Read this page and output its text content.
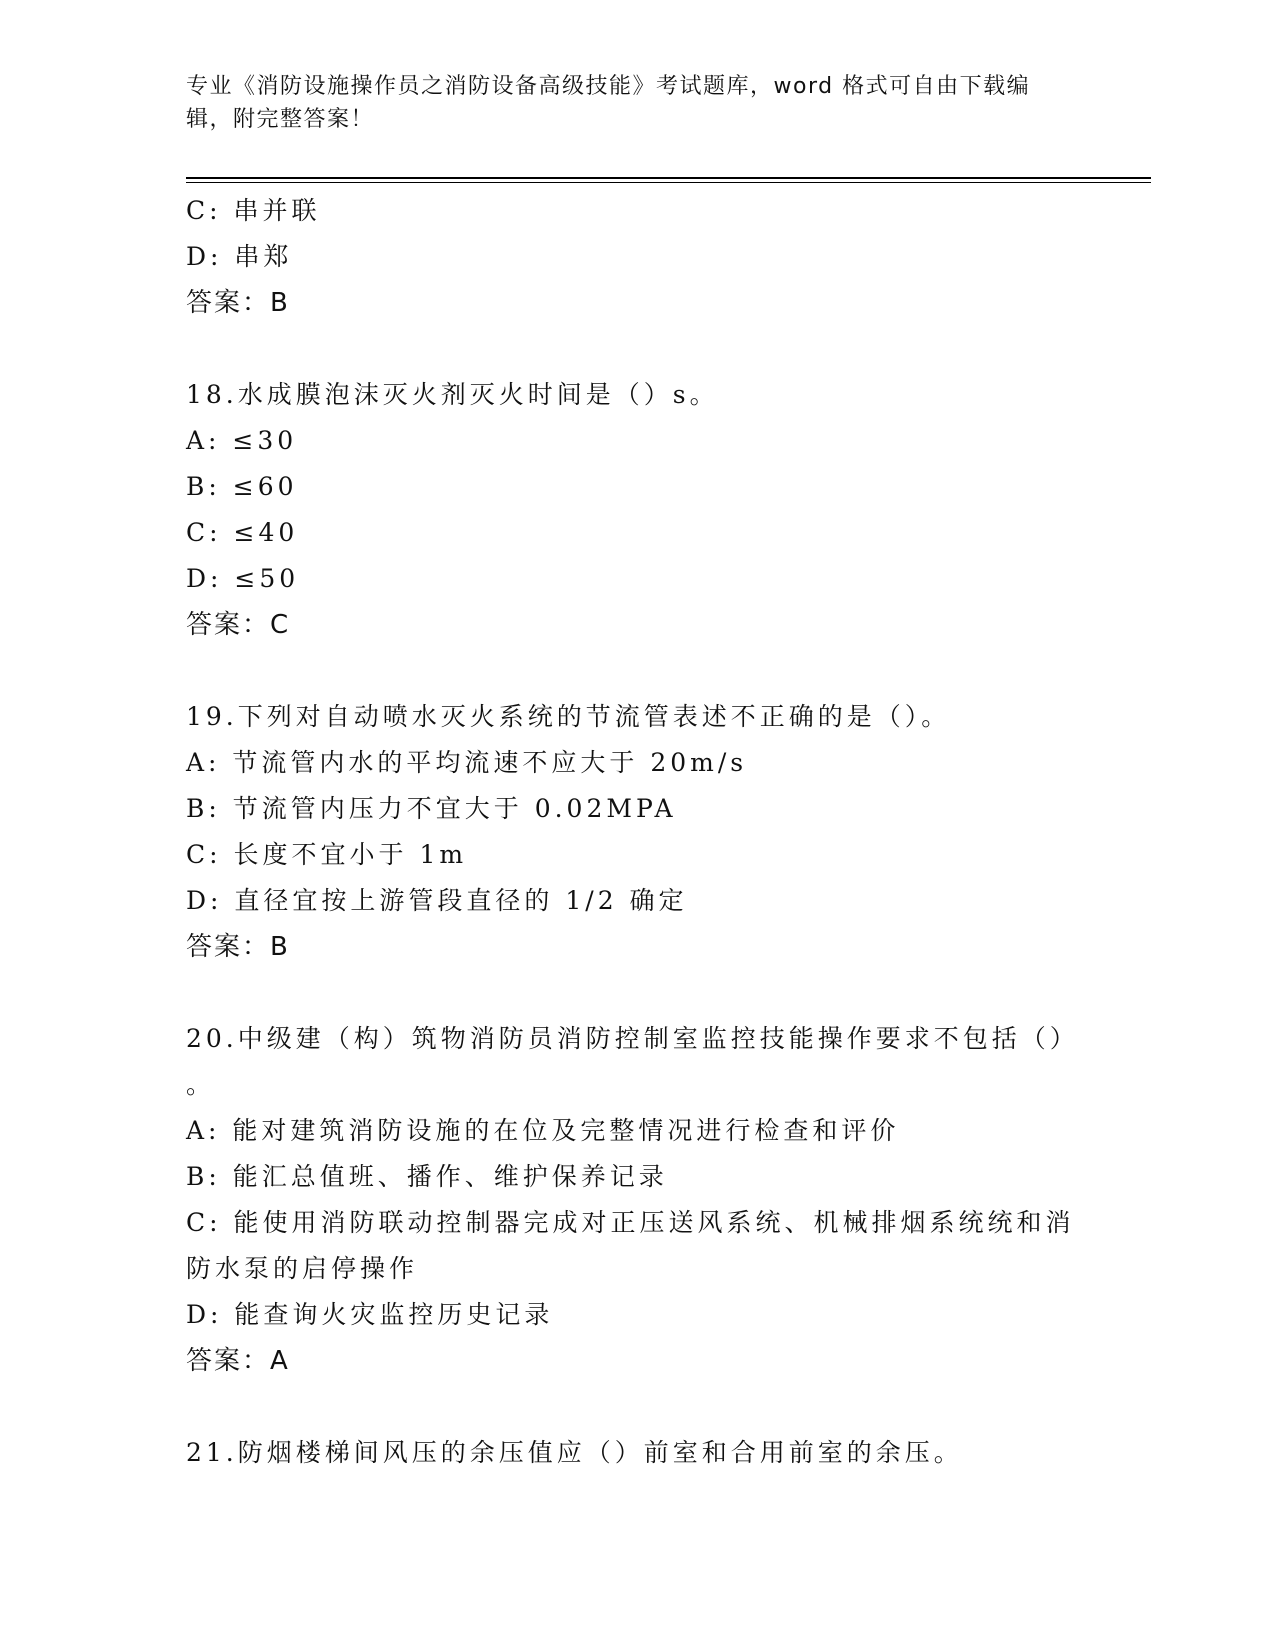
专业《消防设施操作员之消防设备高级技能》考试题库，word 格式可自由下载编
辑，附完整答案！
C: 串并联
D: 串郑
答案：B
18.水成膜泡沫灭火剂灭火时间是（）s。
A: ≤30
B: ≤60
C: ≤40
D: ≤50
答案：C
19.下列对自动喷水灭火系统的节流管表述不正确的是（）。
A: 节流管内水的平均流速不应大于 20m/s
B: 节流管内压力不宜大于 0.02MPA
C: 长度不宜小于 1m
D: 直径宜按上游管段直径的 1/2 确定
答案：B
20.中级建（构）筑物消防员消防控制室监控技能操作要求不包括（）
。
A: 能对建筑消防设施的在位及完整情况进行检查和评价
B: 能汇总值班、播作、维护保养记录
C: 能使用消防联动控制器完成对正压送风系统、机械排烟系统统和消
防水泵的启停操作
D: 能查询火灾监控历史记录
答案：A
21.防烟楼梯间风压的余压值应（）前室和合用前室的余压。
